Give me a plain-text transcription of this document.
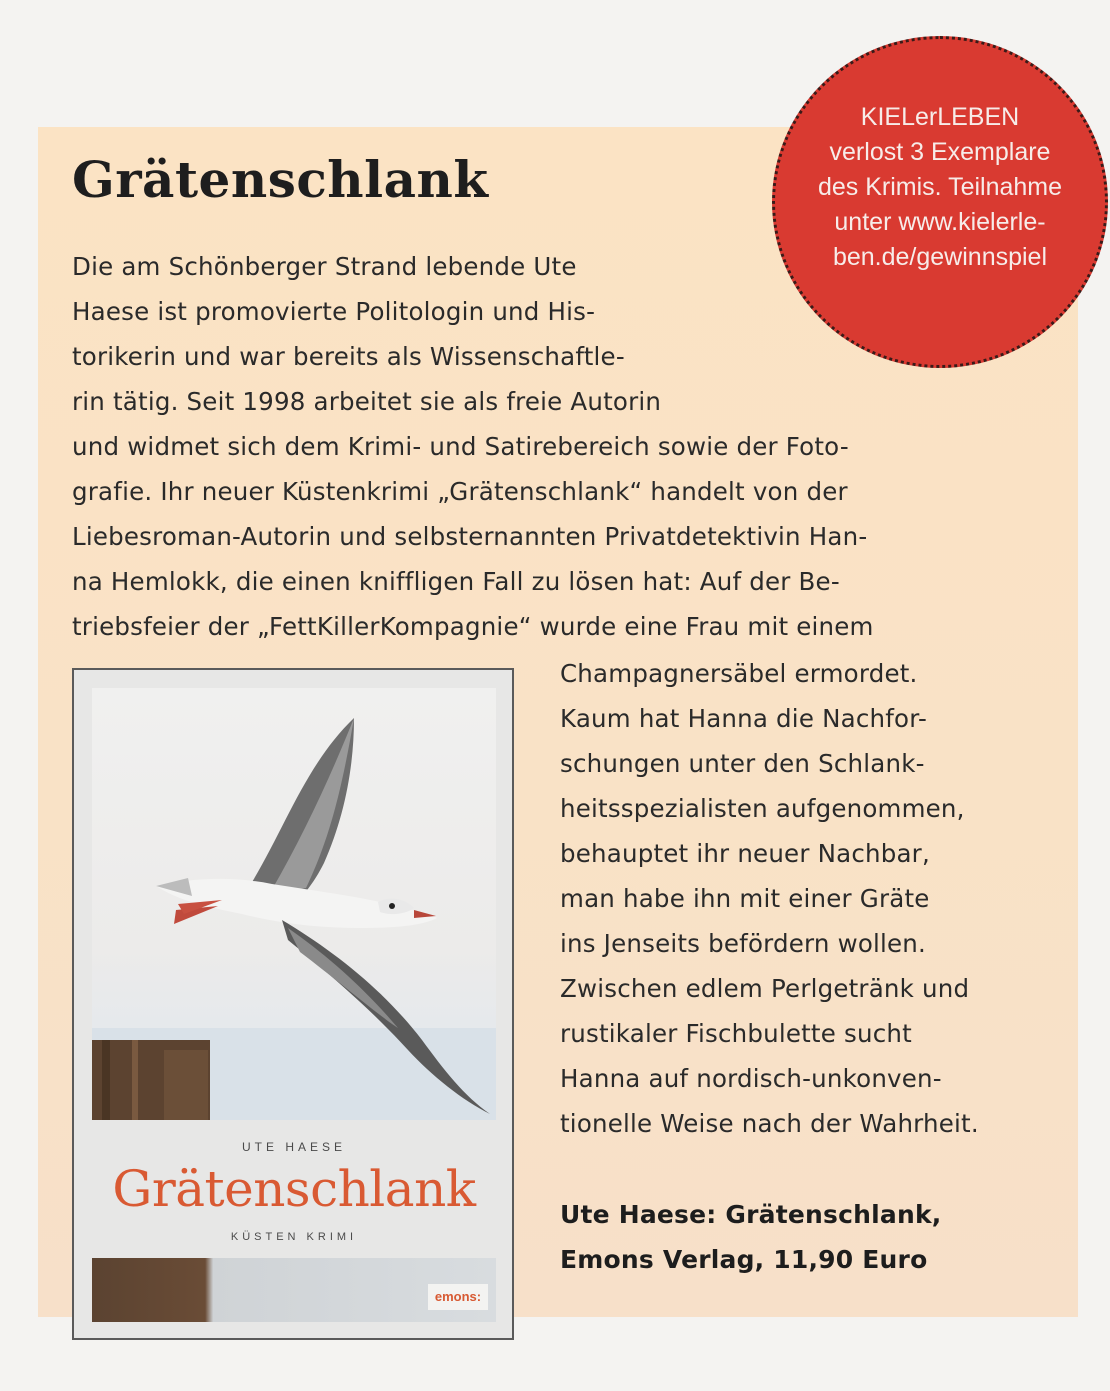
Grätenschlank
Die am Schönberger Strand lebende Ute
Haese ist promovierte Politologin und His-
torikerin und war bereits als Wissenschaftle-
rin tätig. Seit 1998 arbeitet sie als freie Autorin
und widmet sich dem Krimi- und Satirebereich sowie der Foto-
grafie. Ihr neuer Küstenkrimi „Grätenschlank“ handelt von der
Liebesroman-Autorin und selbsternannten Privatdetektivin Han-
na Hemlokk, die einen kniffligen Fall zu lösen hat: Auf der Be-
triebsfeier der „FettKillerKompagnie“ wurde eine Frau mit einem
Champagnersäbel ermordet.
Kaum hat Hanna die Nachfor-
schungen unter den Schlank-
heitsspezialisten aufgenommen,
behauptet ihr neuer Nachbar,
man habe ihn mit einer Gräte
ins Jenseits befördern wollen.
Zwischen edlem Perlgetränk und
rustikaler Fischbulette sucht
Hanna auf nordisch-unkonven-
tionelle Weise nach der Wahrheit.
Ute Haese: Grätenschlank,
Emons Verlag, 11,90 Euro
KIELerLEBEN
verlost 3 Exemplare
des Krimis. Teilnahme
unter www.kielerle-
ben.de/gewinnspiel
UTE HAESE
Grätenschlank
KÜSTEN KRIMI
emons:
